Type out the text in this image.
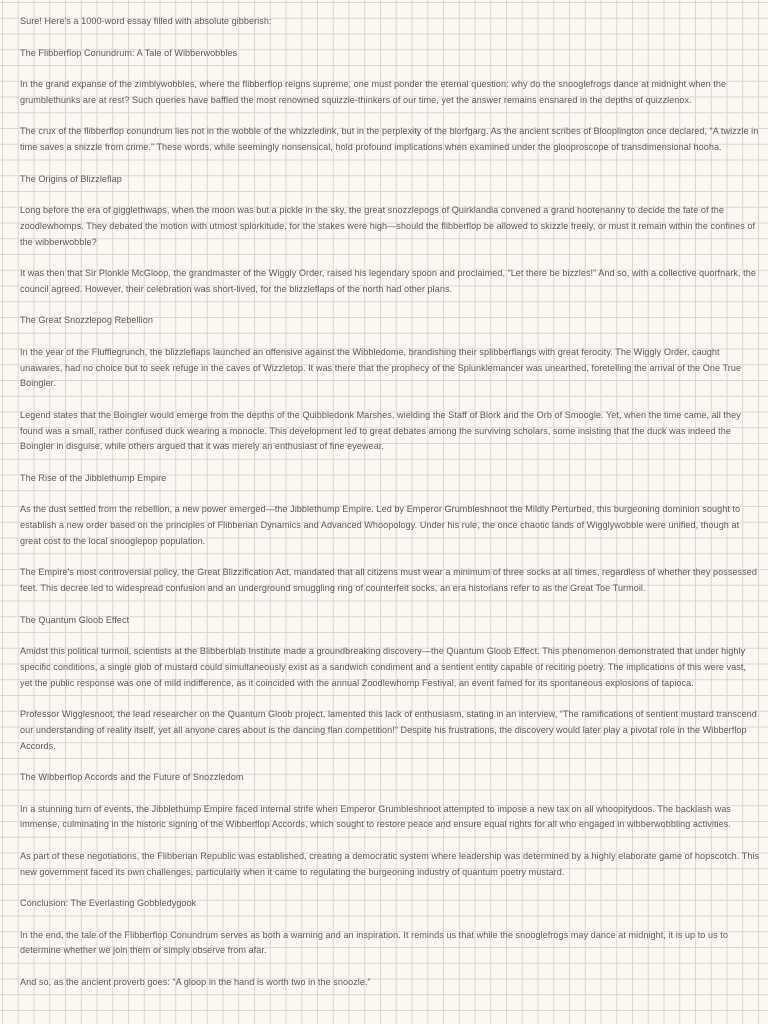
Sure! Here's a 1000-word essay filled with absolute gibberish:

The Flibberflop Conundrum: A Tale of Wibberwobbles

In the grand expanse of the zimblywobbles, where the flibberflop reigns supreme, one must ponder the eternal question: why do the snooglefrogs dance at midnight when the grumblethunks are at rest? Such queries have baffled the most renowned squizzle-thinkers of our time, yet the answer remains ensnared in the depths of quizzlenox.

The crux of the flibberflop conundrum lies not in the wobble of the whizzledink, but in the perplexity of the blorfgarg. As the ancient scribes of Blooplington once declared, “A twizzle in time saves a snizzle from crime.” These words, while seemingly nonsensical, hold profound implications when examined under the glooproscope of transdimensional hooha.

The Origins of Blizzleflap

Long before the era of gigglethwaps, when the moon was but a pickle in the sky, the great snozzlepogs of Quirklandia convened a grand hootenanny to decide the fate of the zoodlewhomps. They debated the motion with utmost splorkitude, for the stakes were high—should the flibberflop be allowed to skizzle freely, or must it remain within the confines of the wibberwobble?

It was then that Sir Plonkle McGloop, the grandmaster of the Wiggly Order, raised his legendary spoon and proclaimed, “Let there be bizzles!” And so, with a collective quorfnark, the council agreed. However, their celebration was short-lived, for the blizzleflaps of the north had other plans.

The Great Snozzlepog Rebellion

In the year of the Flufflegrunch, the blizzleflaps launched an offensive against the Wibbledome, brandishing their splibberflangs with great ferocity. The Wiggly Order, caught unawares, had no choice but to seek refuge in the caves of Wizzletop. It was there that the prophecy of the Splunklemancer was unearthed, foretelling the arrival of the One True Boingler.

Legend states that the Boingler would emerge from the depths of the Quibbledonk Marshes, wielding the Staff of Blork and the Orb of Smoogle. Yet, when the time came, all they found was a small, rather confused duck wearing a monocle. This development led to great debates among the surviving scholars, some insisting that the duck was indeed the Boingler in disguise, while others argued that it was merely an enthusiast of fine eyewear.

The Rise of the Jibblethump Empire

As the dust settled from the rebellion, a new power emerged—the Jibblethump Empire. Led by Emperor Grumbleshnoot the Mildly Perturbed, this burgeoning dominion sought to establish a new order based on the principles of Flibberian Dynamics and Advanced Whoopology. Under his rule, the once chaotic lands of Wigglywobble were unified, though at great cost to the local snooglepop population.

The Empire's most controversial policy, the Great Blizzification Act, mandated that all citizens must wear a minimum of three socks at all times, regardless of whether they possessed feet. This decree led to widespread confusion and an underground smuggling ring of counterfeit socks, an era historians refer to as the Great Toe Turmoil.

The Quantum Gloob Effect

Amidst this political turmoil, scientists at the Blibberblab Institute made a groundbreaking discovery—the Quantum Gloob Effect. This phenomenon demonstrated that under highly specific conditions, a single glob of mustard could simultaneously exist as a sandwich condiment and a sentient entity capable of reciting poetry. The implications of this were vast, yet the public response was one of mild indifference, as it coincided with the annual Zoodlewhomp Festival, an event famed for its spontaneous explosions of tapioca.

Professor Wigglesnoot, the lead researcher on the Quantum Gloob project, lamented this lack of enthusiasm, stating in an interview, “The ramifications of sentient mustard transcend our understanding of reality itself, yet all anyone cares about is the dancing flan competition!” Despite his frustrations, the discovery would later play a pivotal role in the Wibberflop Accords.

The Wibberflop Accords and the Future of Snozzledom

In a stunning turn of events, the Jibblethump Empire faced internal strife when Emperor Grumbleshnoot attempted to impose a new tax on all whoopitydoos. The backlash was immense, culminating in the historic signing of the Wibberflop Accords, which sought to restore peace and ensure equal rights for all who engaged in wibberwobbling activities.

As part of these negotiations, the Flibberian Republic was established, creating a democratic system where leadership was determined by a highly elaborate game of hopscotch. This new government faced its own challenges, particularly when it came to regulating the burgeoning industry of quantum poetry mustard.

Conclusion: The Everlasting Gobbledygook

In the end, the tale of the Flibberflop Conundrum serves as both a warning and an inspiration. It reminds us that while the snooglefrogs may dance at midnight, it is up to us to determine whether we join them or simply observe from afar.

And so, as the ancient proverb goes: “A gloop in the hand is worth two in the snoozle.”
